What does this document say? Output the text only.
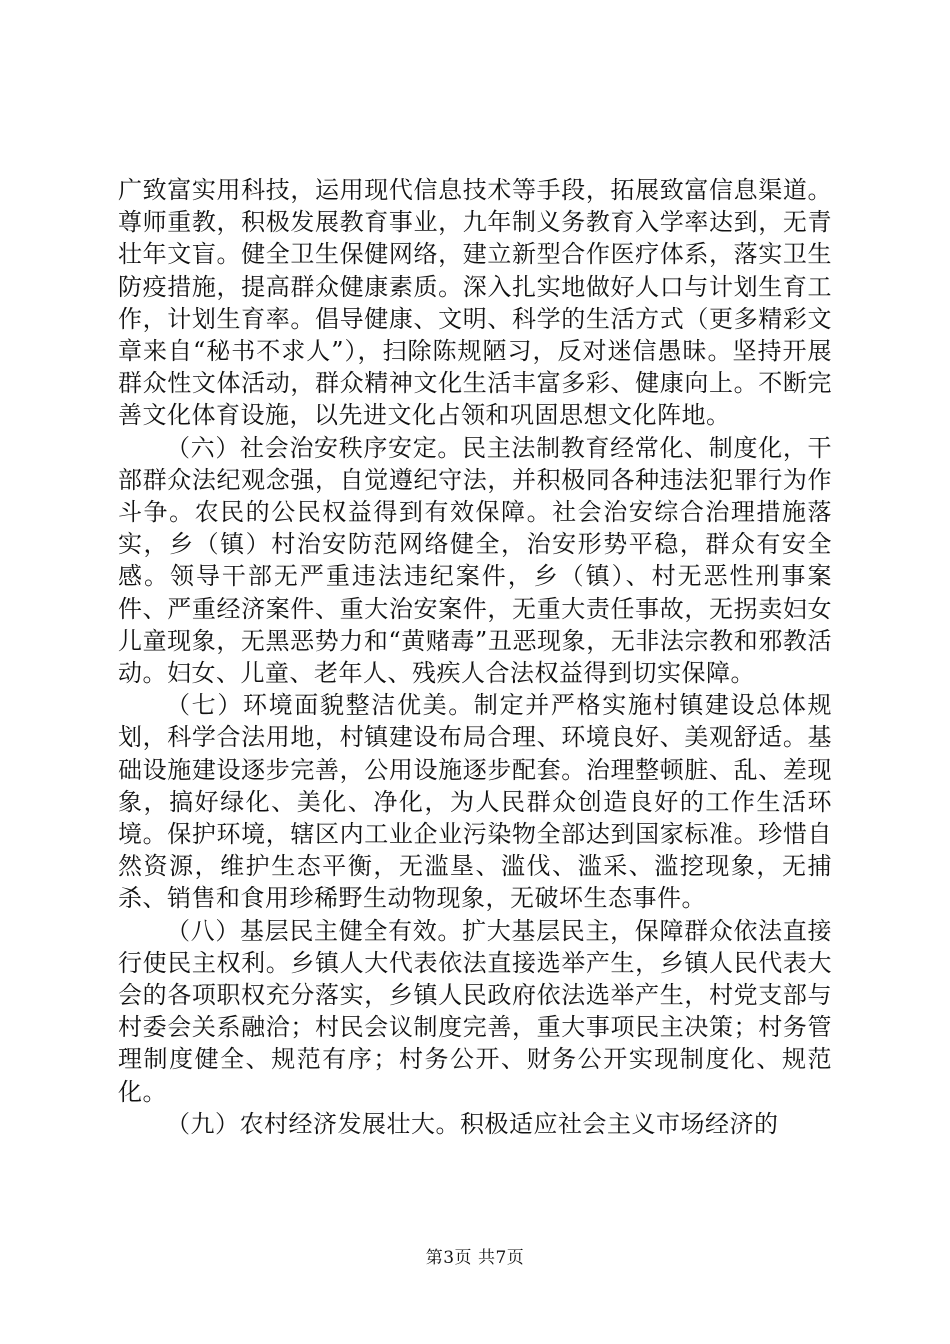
广致富实用科技，运用现代信息技术等手段，拓展致富信息渠道。尊师重教，积极发展教育事业，九年制义务教育入学率达到，无青壮年文盲。健全卫生保健网络，建立新型合作医疗体系，落实卫生防疫措施，提高群众健康素质。深入扎实地做好人口与计划生育工作，计划生育率。倡导健康、文明、科学的生活方式（更多精彩文章来自“秘书不求人”），扫除陈规陋习，反对迷信愚昧。坚持开展群众性文体活动，群众精神文化生活丰富多彩、健康向上。不断完善文化体育设施，以先进文化占领和巩固思想文化阵地。

（六）社会治安秩序安定。民主法制教育经常化、制度化，干部群众法纪观念强，自觉遵纪守法，并积极同各种违法犯罪行为作斗争。农民的公民权益得到有效保障。社会治安综合治理措施落实，乡（镇）村治安防范网络健全，治安形势平稳，群众有安全感。领导干部无严重违法违纪案件，乡（镇）、村无恶性刑事案件、严重经济案件、重大治安案件，无重大责任事故，无拐卖妇女儿童现象，无黑恶势力和“黄赌毒”丑恶现象，无非法宗教和邪教活动。妇女、儿童、老年人、残疾人合法权益得到切实保障。

（七）环境面貌整洁优美。制定并严格实施村镇建设总体规划，科学合法用地，村镇建设布局合理、环境良好、美观舒适。基础设施建设逐步完善，公用设施逐步配套。治理整顿脏、乱、差现象，搞好绿化、美化、净化，为人民群众创造良好的工作生活环境。保护环境，辖区内工业企业污染物全部达到国家标准。珍惜自然资源，维护生态平衡，无滥垦、滥伐、滥采、滥挖现象，无捕杀、销售和食用珍稀野生动物现象，无破坏生态事件。

（八）基层民主健全有效。扩大基层民主，保障群众依法直接行使民主权利。乡镇人大代表依法直接选举产生，乡镇人民代表大会的各项职权充分落实，乡镇人民政府依法选举产生，村党支部与村委会关系融洽；村民会议制度完善，重大事项民主决策；村务管理制度健全、规范有序；村务公开、财务公开实现制度化、规范化。

（九）农村经济发展壮大。积极适应社会主义市场经济的

第3页 共7页
